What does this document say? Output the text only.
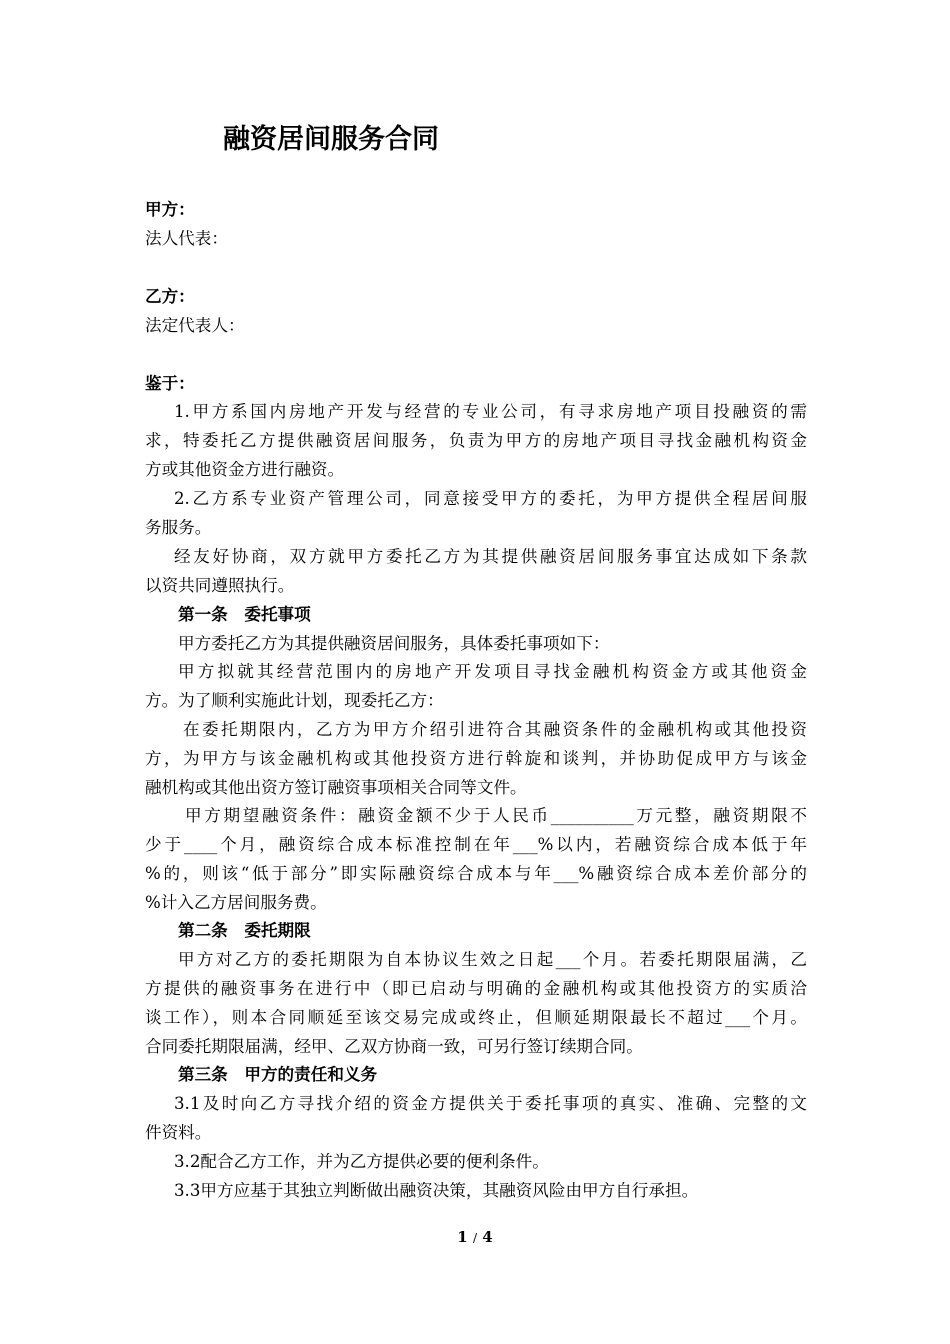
融资居间服务合同
甲方：
法人代表：
乙方：
法定代表人：
鉴于：
1.甲方系国内房地产开发与经营的专业公司，有寻求房地产项目投融资的需
求，特委托乙方提供融资居间服务，负责为甲方的房地产项目寻找金融机构资金
方或其他资金方进行融资。
2.乙方系专业资产管理公司，同意接受甲方的委托，为甲方提供全程居间服
务服务。
经友好协商，双方就甲方委托乙方为其提供融资居间服务事宜达成如下条款
以资共同遵照执行。
第一条　委托事项
甲方委托乙方为其提供融资居间服务，具体委托事项如下：
甲方拟就其经营范围内的房地产开发项目寻找金融机构资金方或其他资金
方。为了顺利实施此计划，现委托乙方：
在委托期限内，乙方为甲方介绍引进符合其融资条件的金融机构或其他投资
方，为甲方与该金融机构或其他投资方进行斡旋和谈判，并协助促成甲方与该金
融机构或其他出资方签订融资事项相关合同等文件。
甲方期望融资条件：融资金额不少于人民币__________万元整，融资期限不
少于____个月，融资综合成本标准控制在年___%以内，若融资综合成本低于年
%的，则该“低于部分”即实际融资综合成本与年___%融资综合成本差价部分的
%计入乙方居间服务费。
第二条　委托期限
甲方对乙方的委托期限为自本协议生效之日起___个月。若委托期限届满，乙
方提供的融资事务在进行中（即已启动与明确的金融机构或其他投资方的实质洽
谈工作），则本合同顺延至该交易完成或终止，但顺延期限最长不超过___个月。
合同委托期限届满，经甲、乙双方协商一致，可另行签订续期合同。
第三条　甲方的责任和义务
3.1及时向乙方寻找介绍的资金方提供关于委托事项的真实、准确、完整的文
件资料。
3.2配合乙方工作，并为乙方提供必要的便利条件。
3.3甲方应基于其独立判断做出融资决策，其融资风险由甲方自行承担。
1 / 4
